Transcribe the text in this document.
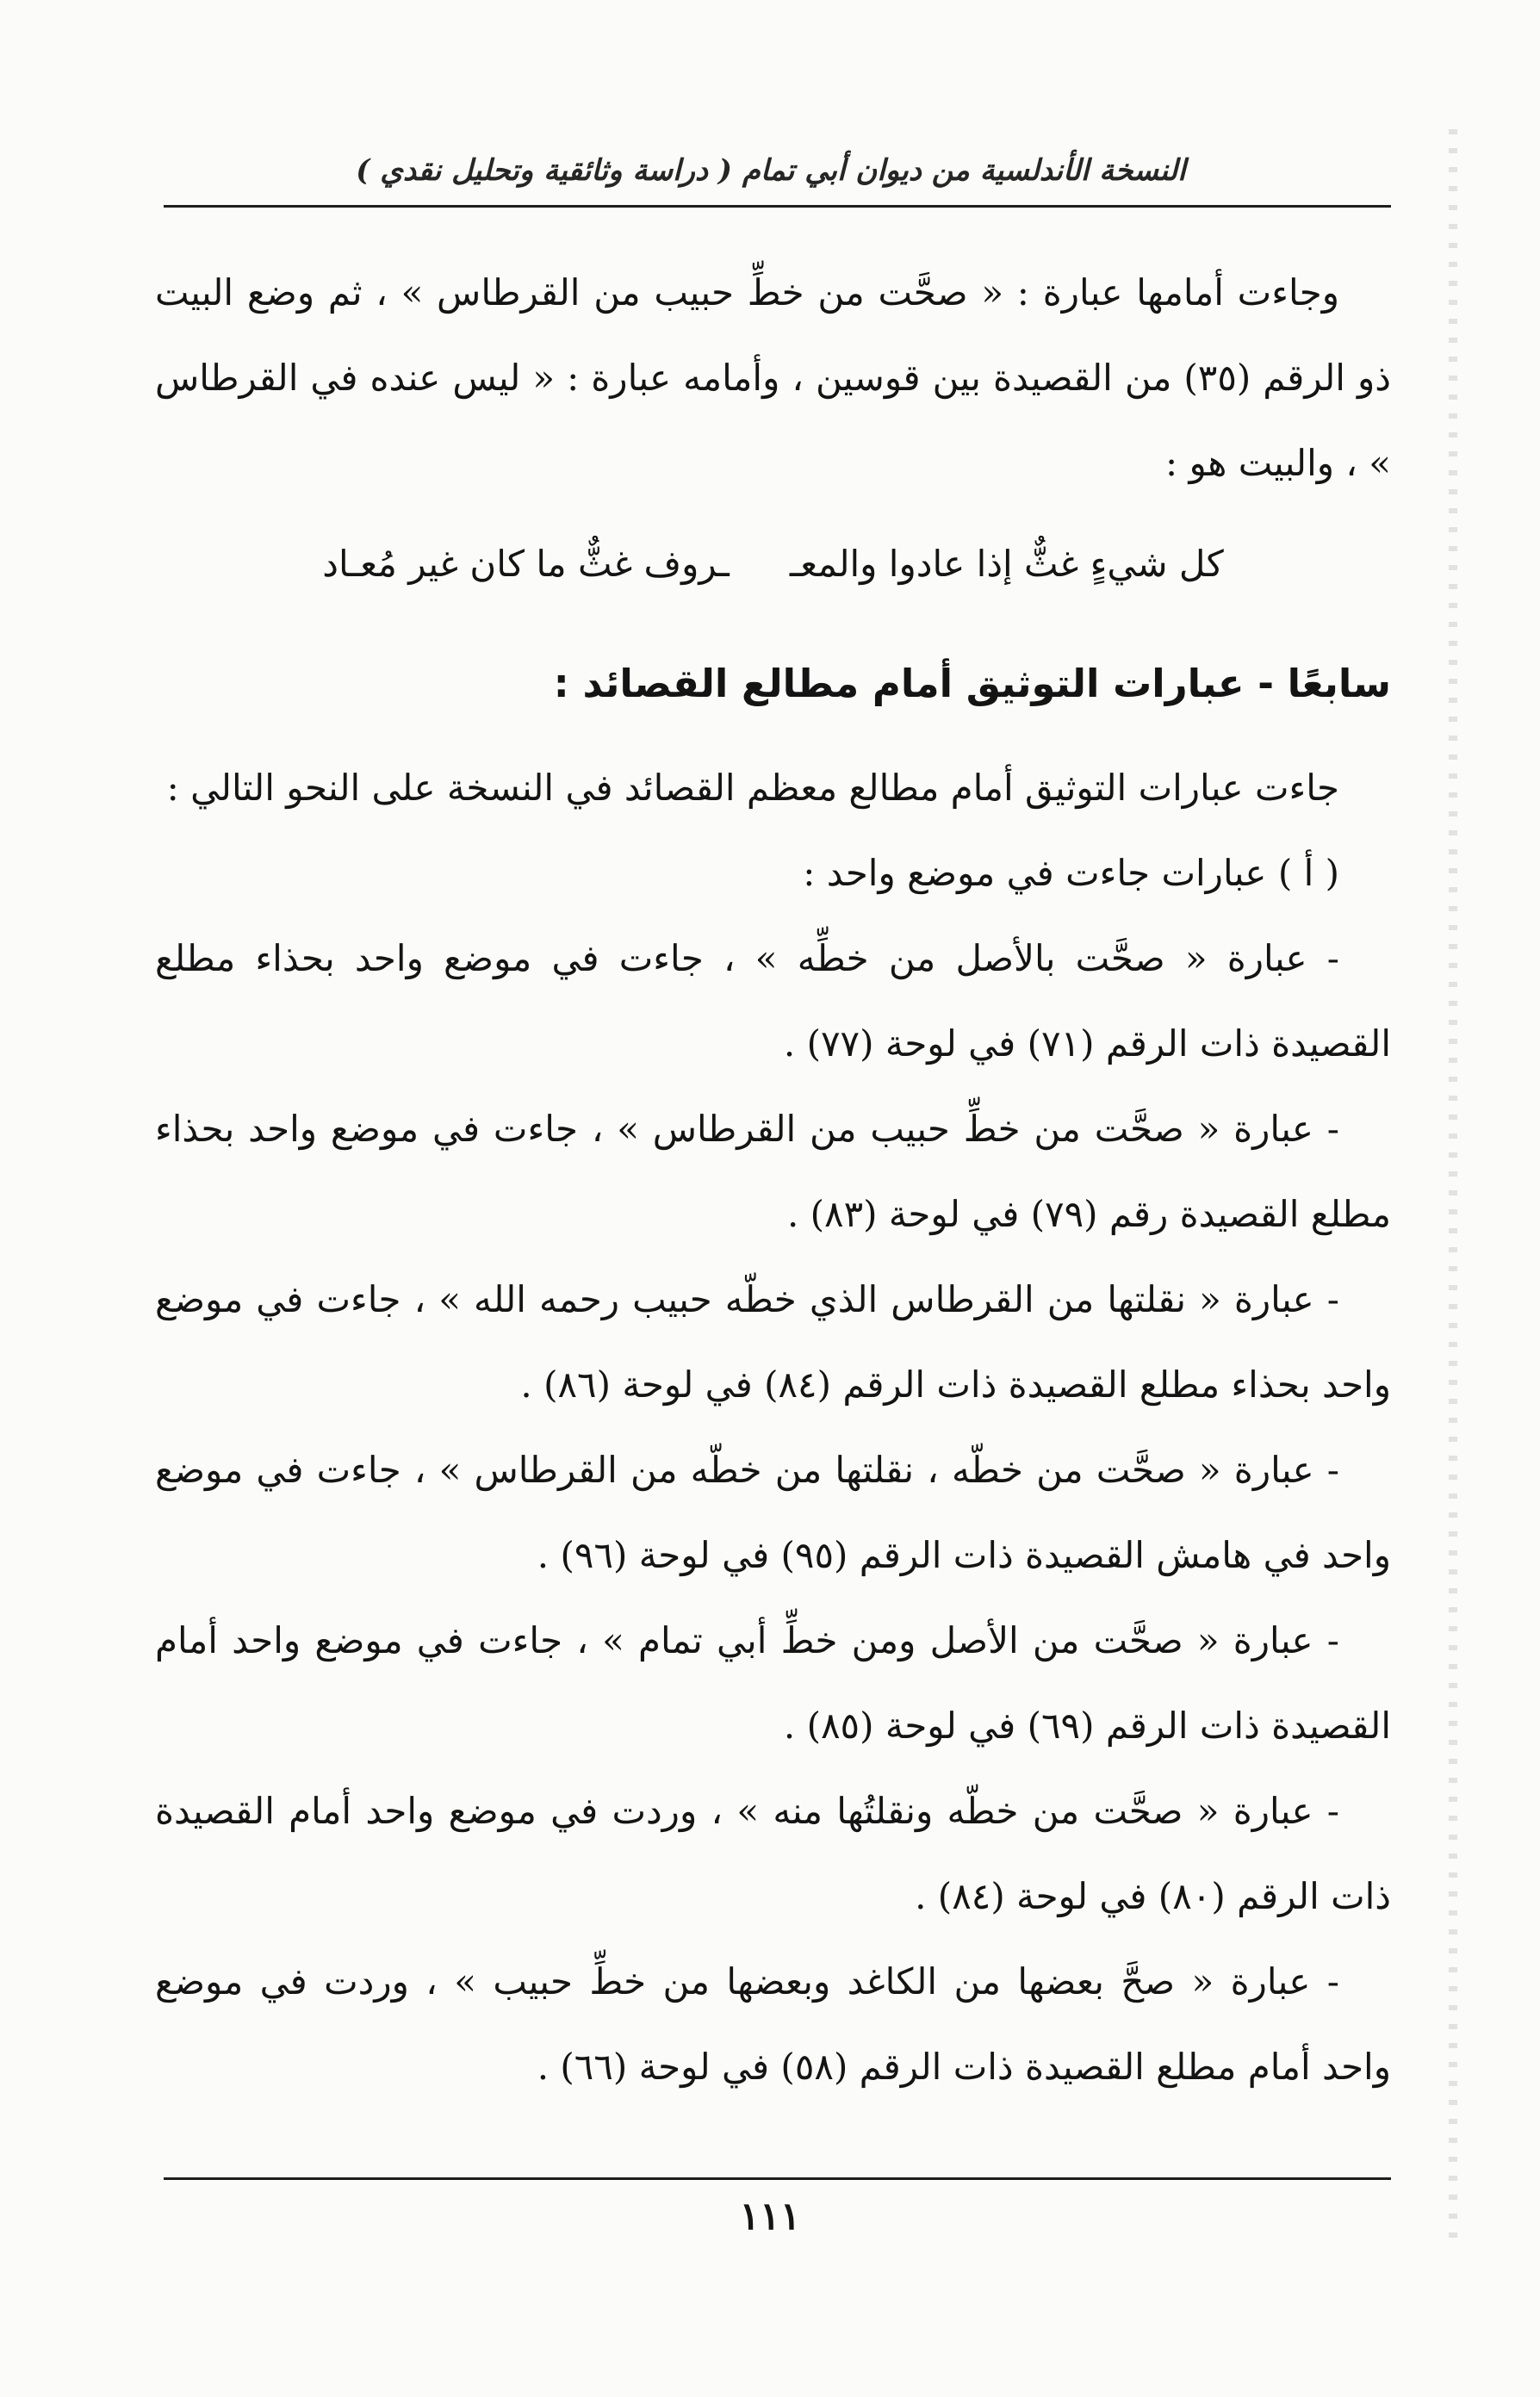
النسخة الأندلسية من ديوان أبي تمام ( دراسة وثائقية وتحليل نقدي )

وجاءت أمامها عبارة : « صحَّت من خطِّ حبيب من القرطاس » ، ثم وضع البيت ذو الرقم (٣٥) من القصيدة بين قوسين ، وأمامه عبارة : « ليس عنده في القرطاس » ، والبيت هو :

كل شيءٍ غثٌّ إذا عادوا والمعـ
ـروف غثٌّ ما كان غير مُعـاد

سابعًا - عبارات التوثيق أمام مطالع القصائد :

جاءت عبارات التوثيق أمام مطالع معظم القصائد في النسخة على النحو التالي :

( أ ) عبارات جاءت في موضع واحد :

- عبارة « صحَّت بالأصل من خطِّه » ، جاءت في موضع واحد بحذاء مطلع القصيدة ذات الرقم (٧١) في لوحة (٧٧) .

- عبارة « صحَّت من خطِّ حبيب من القرطاس » ، جاءت في موضع واحد بحذاء مطلع القصيدة رقم (٧٩) في لوحة (٨٣) .

- عبارة « نقلتها من القرطاس الذي خطّه حبيب رحمه الله » ، جاءت في موضع واحد بحذاء مطلع القصيدة ذات الرقم (٨٤) في لوحة (٨٦) .

- عبارة « صحَّت من خطّه ، نقلتها من خطّه من القرطاس » ، جاءت في موضع واحد في هامش القصيدة ذات الرقم (٩٥) في لوحة (٩٦) .

- عبارة « صحَّت من الأصل ومن خطِّ أبي تمام » ، جاءت في موضع واحد أمام القصيدة ذات الرقم (٦٩) في لوحة (٨٥) .

- عبارة « صحَّت من خطّه ونقلتُها منه » ، وردت في موضع واحد أمام القصيدة ذات الرقم (٨٠) في لوحة (٨٤) .

- عبارة « صحَّ بعضها من الكاغد وبعضها من خطِّ حبيب » ، وردت في موضع واحد أمام مطلع القصيدة ذات الرقم (٥٨) في لوحة (٦٦) .

١١١
